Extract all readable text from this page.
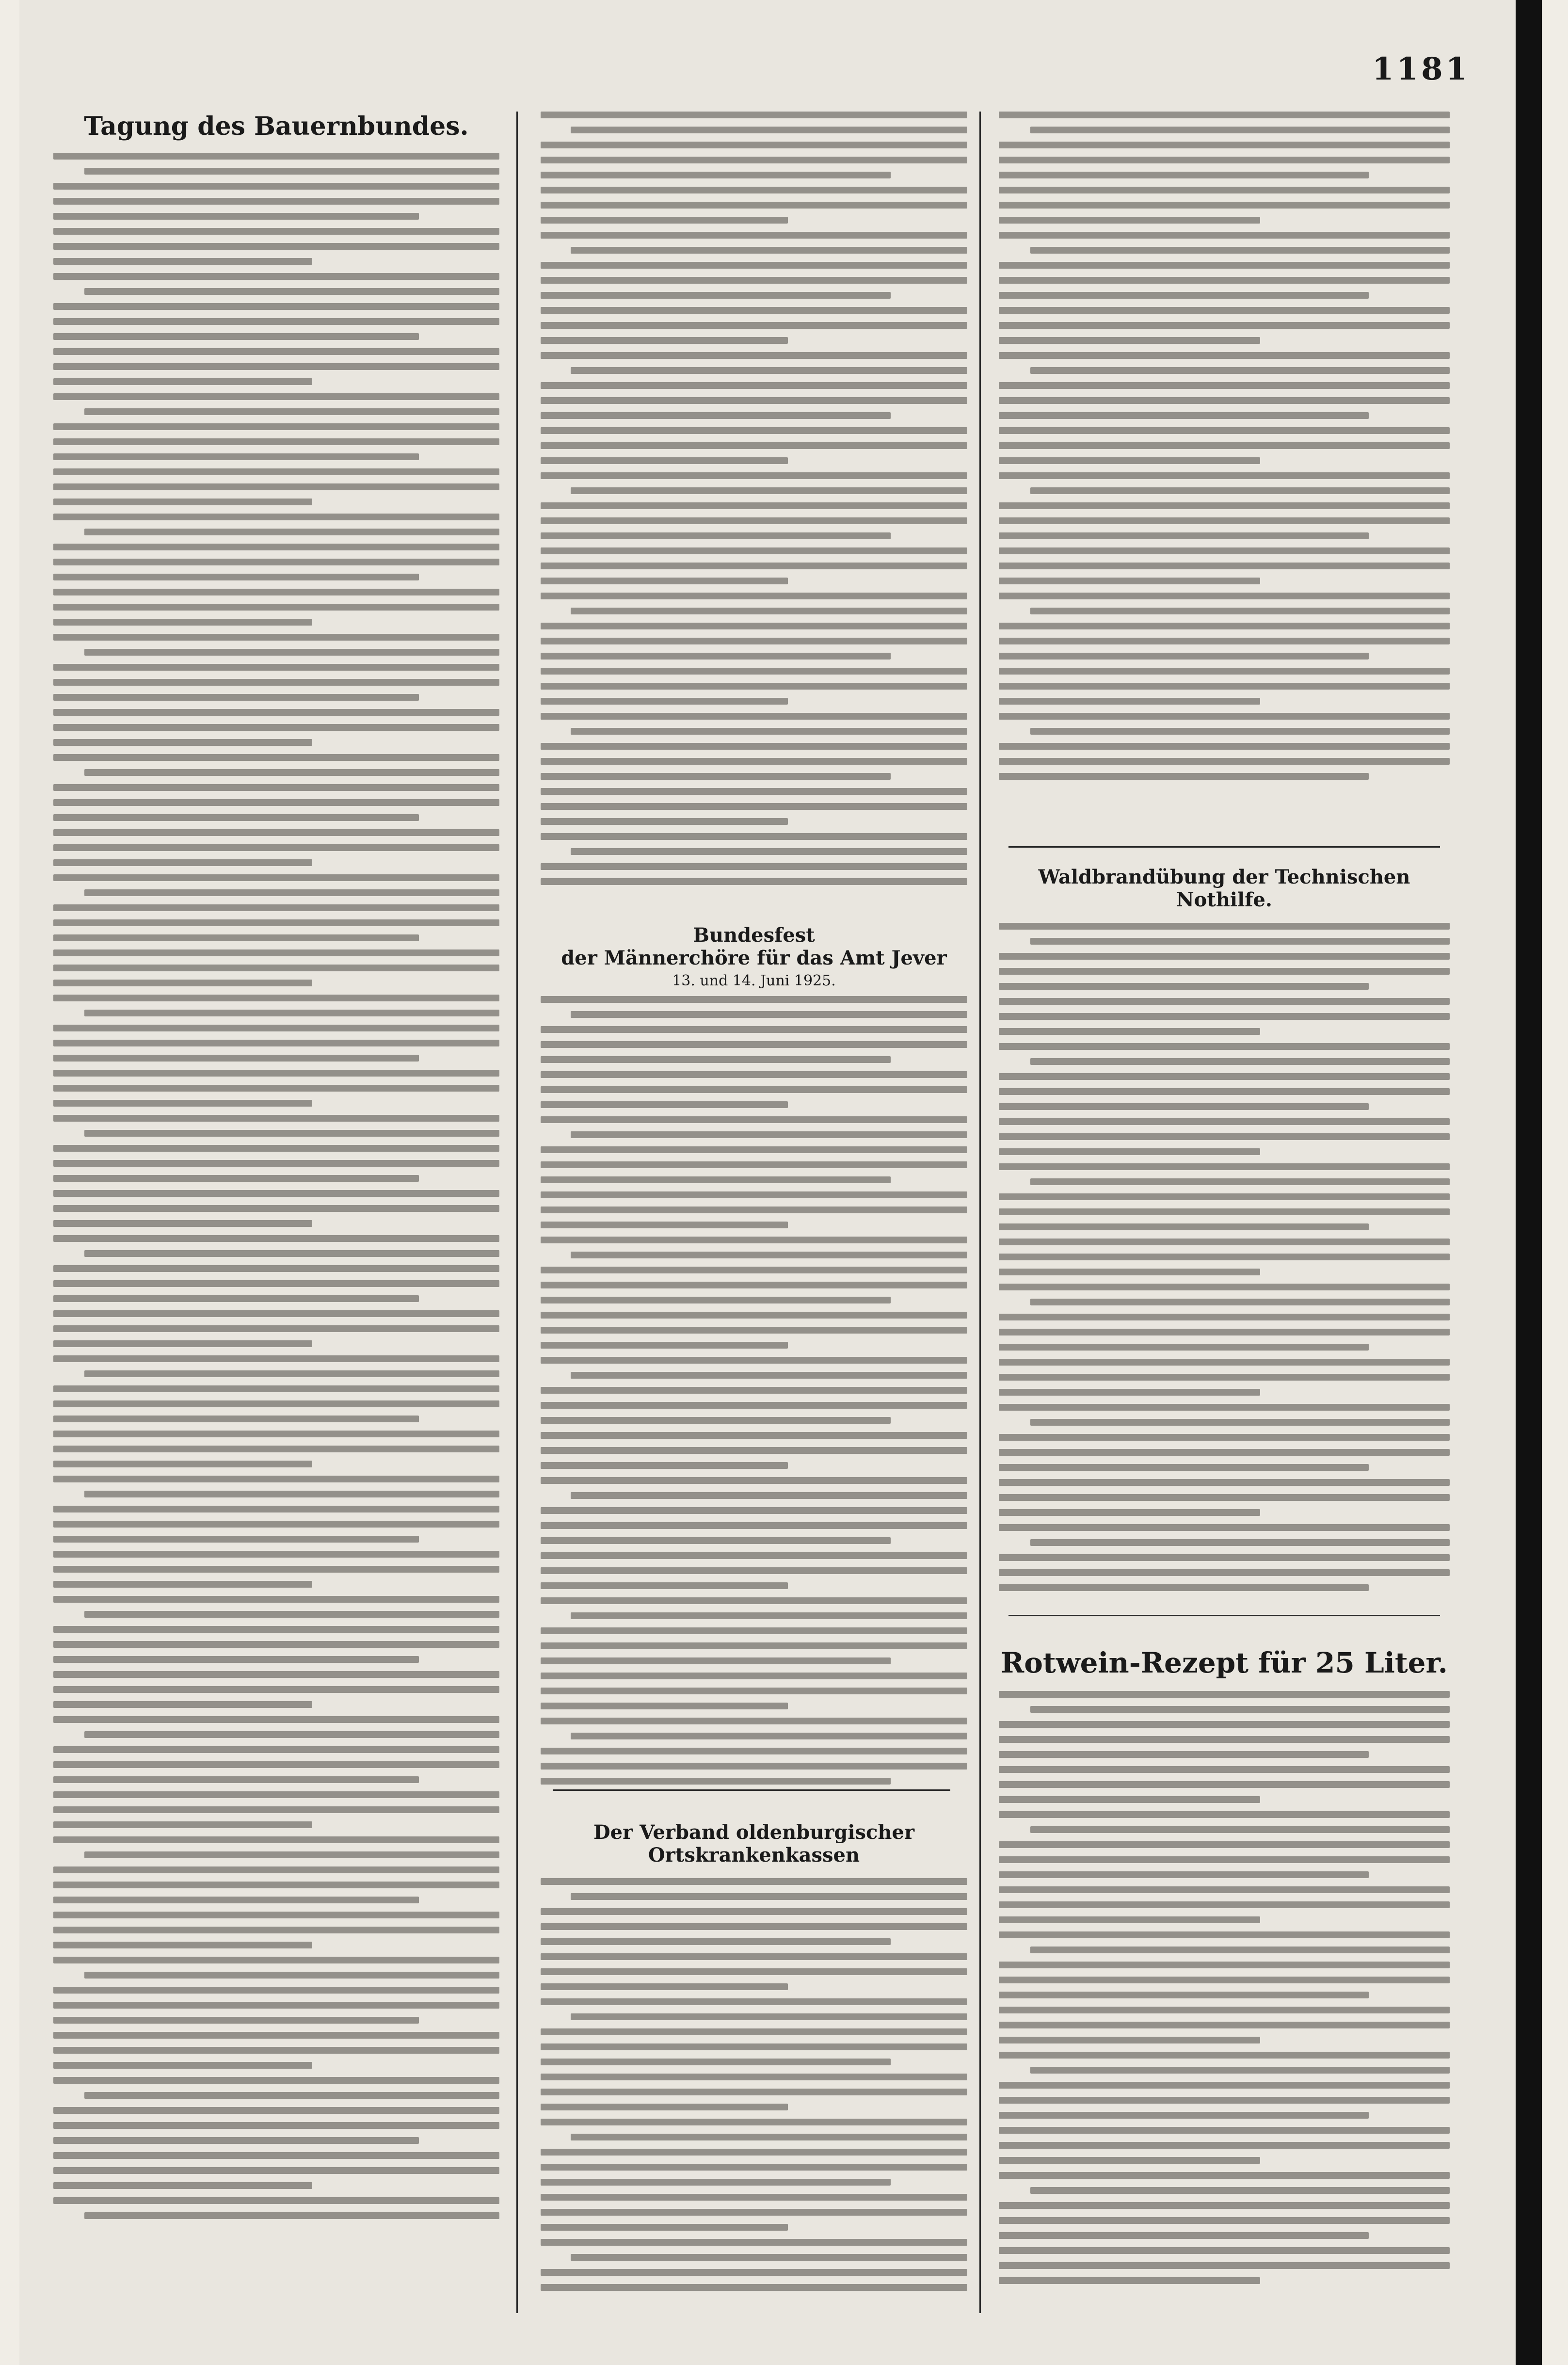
1181
Tagung des Bauernbundes.
Bundesfest
der Männerchöre für das Amt Jever
13. und 14. Juni 1925.
Der Verband oldenburgischer
Ortskrankenkassen
Waldbrandübung der Technischen
Nothilfe.
Rotwein-Rezept für 25 Liter.
